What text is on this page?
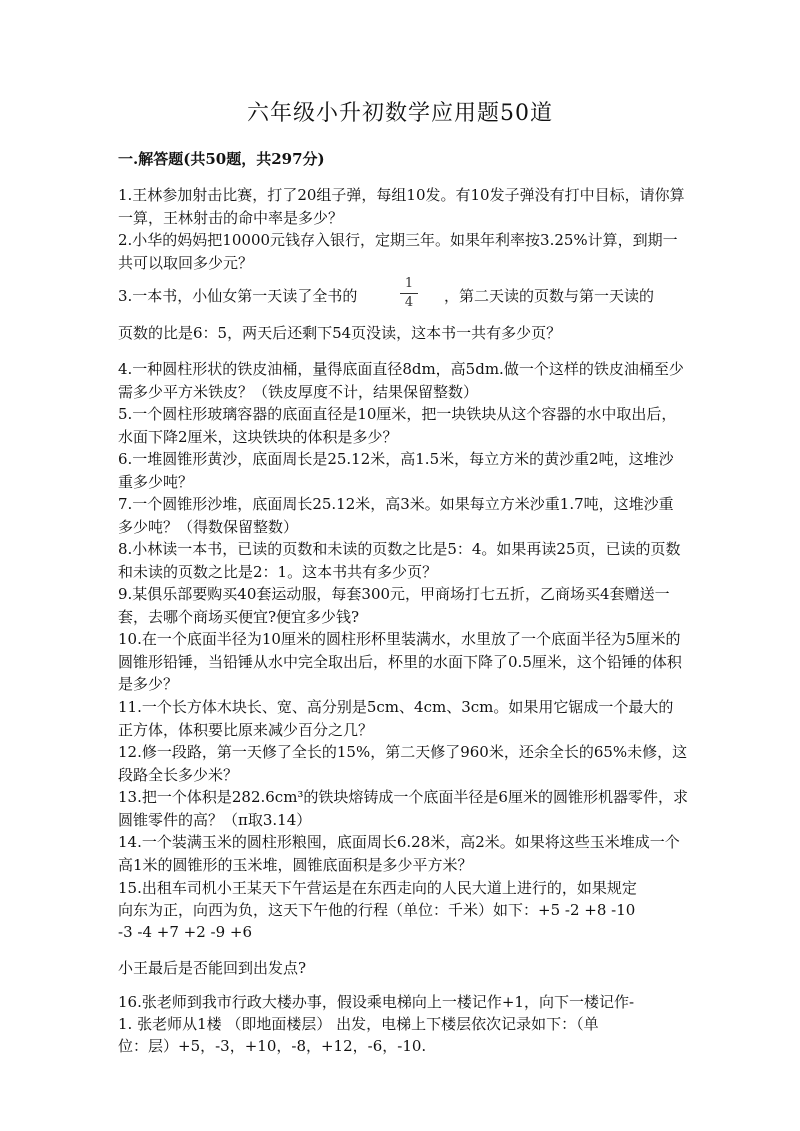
六年级小升初数学应用题50道
一.解答题(共50题，共297分)

1.王林参加射击比赛，打了20组子弹，每组10发。有10发子弹没有打中目标，请你算一算，王林射击的命中率是多少？

2.小华的妈妈把10000元钱存入银行，定期三年。如果年利率按3.25%计算，到期一共可以取回多少元？

3.一本书，小仙女第一天读了全书的
1
4	，第二天读的页数与第一天读的
页数的比是6：5，两天后还剩下54页没读，这本书一共有多少页？

4.一种圆柱形状的铁皮油桶，量得底面直径8dm，高5dm.做一个这样的铁皮油桶至少需多少平方米铁皮？（铁皮厚度不计，结果保留整数）

5.一个圆柱形玻璃容器的底面直径是10厘米，把一块铁块从这个容器的水中取出后，水面下降2厘米，这块铁块的体积是多少？

6.一堆圆锥形黄沙，底面周长是25.12米，高1.5米，每立方米的黄沙重2吨，这堆沙重多少吨？

7.一个圆锥形沙堆，底面周长25.12米，高3米。如果每立方米沙重1.7吨，这堆沙重多少吨？（得数保留整数）

8.小林读一本书，已读的页数和未读的页数之比是5：4。如果再读25页，已读的页数和未读的页数之比是2：1。这本书共有多少页？

9.某俱乐部要购买40套运动服，每套300元，甲商场打七五折，乙商场买4套赠送一套，去哪个商场买便宜?便宜多少钱?

10.在一个底面半径为10厘米的圆柱形杯里装满水，水里放了一个底面半径为5厘米的圆锥形铅锤，当铅锤从水中完全取出后，杯里的水面下降了0.5厘米，这个铅锤的体积是多少？

11.一个长方体木块长、宽、高分别是5cm、4cm、3cm。如果用它锯成一个最大的正方体，体积要比原来减少百分之几？

12.修一段路，第一天修了全长的15%，第二天修了960米，还余全长的65%未修，这段路全长多少米？

13.把一个体积是282.6cm³的铁块熔铸成一个底面半径是6厘米的圆锥形机器零件，求圆锥零件的高？（π取3.14）

14.一个装满玉米的圆柱形粮囤，底面周长6.28米，高2米。如果将这些玉米堆成一个高1米的圆锥形的玉米堆，圆锥底面积是多少平方米？

15.出租车司机小王某天下午营运是在东西走向的人民大道上进行的，如果规定
向东为正，向西为负，这天下午他的行程（单位：千米）如下：+5 -2 +8 -10
-3 -4 +7 +2 -9 +6
小王最后是否能回到出发点?
16.张老师到我市行政大楼办事，假设乘电梯向上一楼记作+1，向下一楼记作-
1. 张老师从1楼 （即地面楼层） 出发，电梯上下楼层依次记录如下：（单
位：层）+5，-3，+10，-8，+12，-6，-10.
